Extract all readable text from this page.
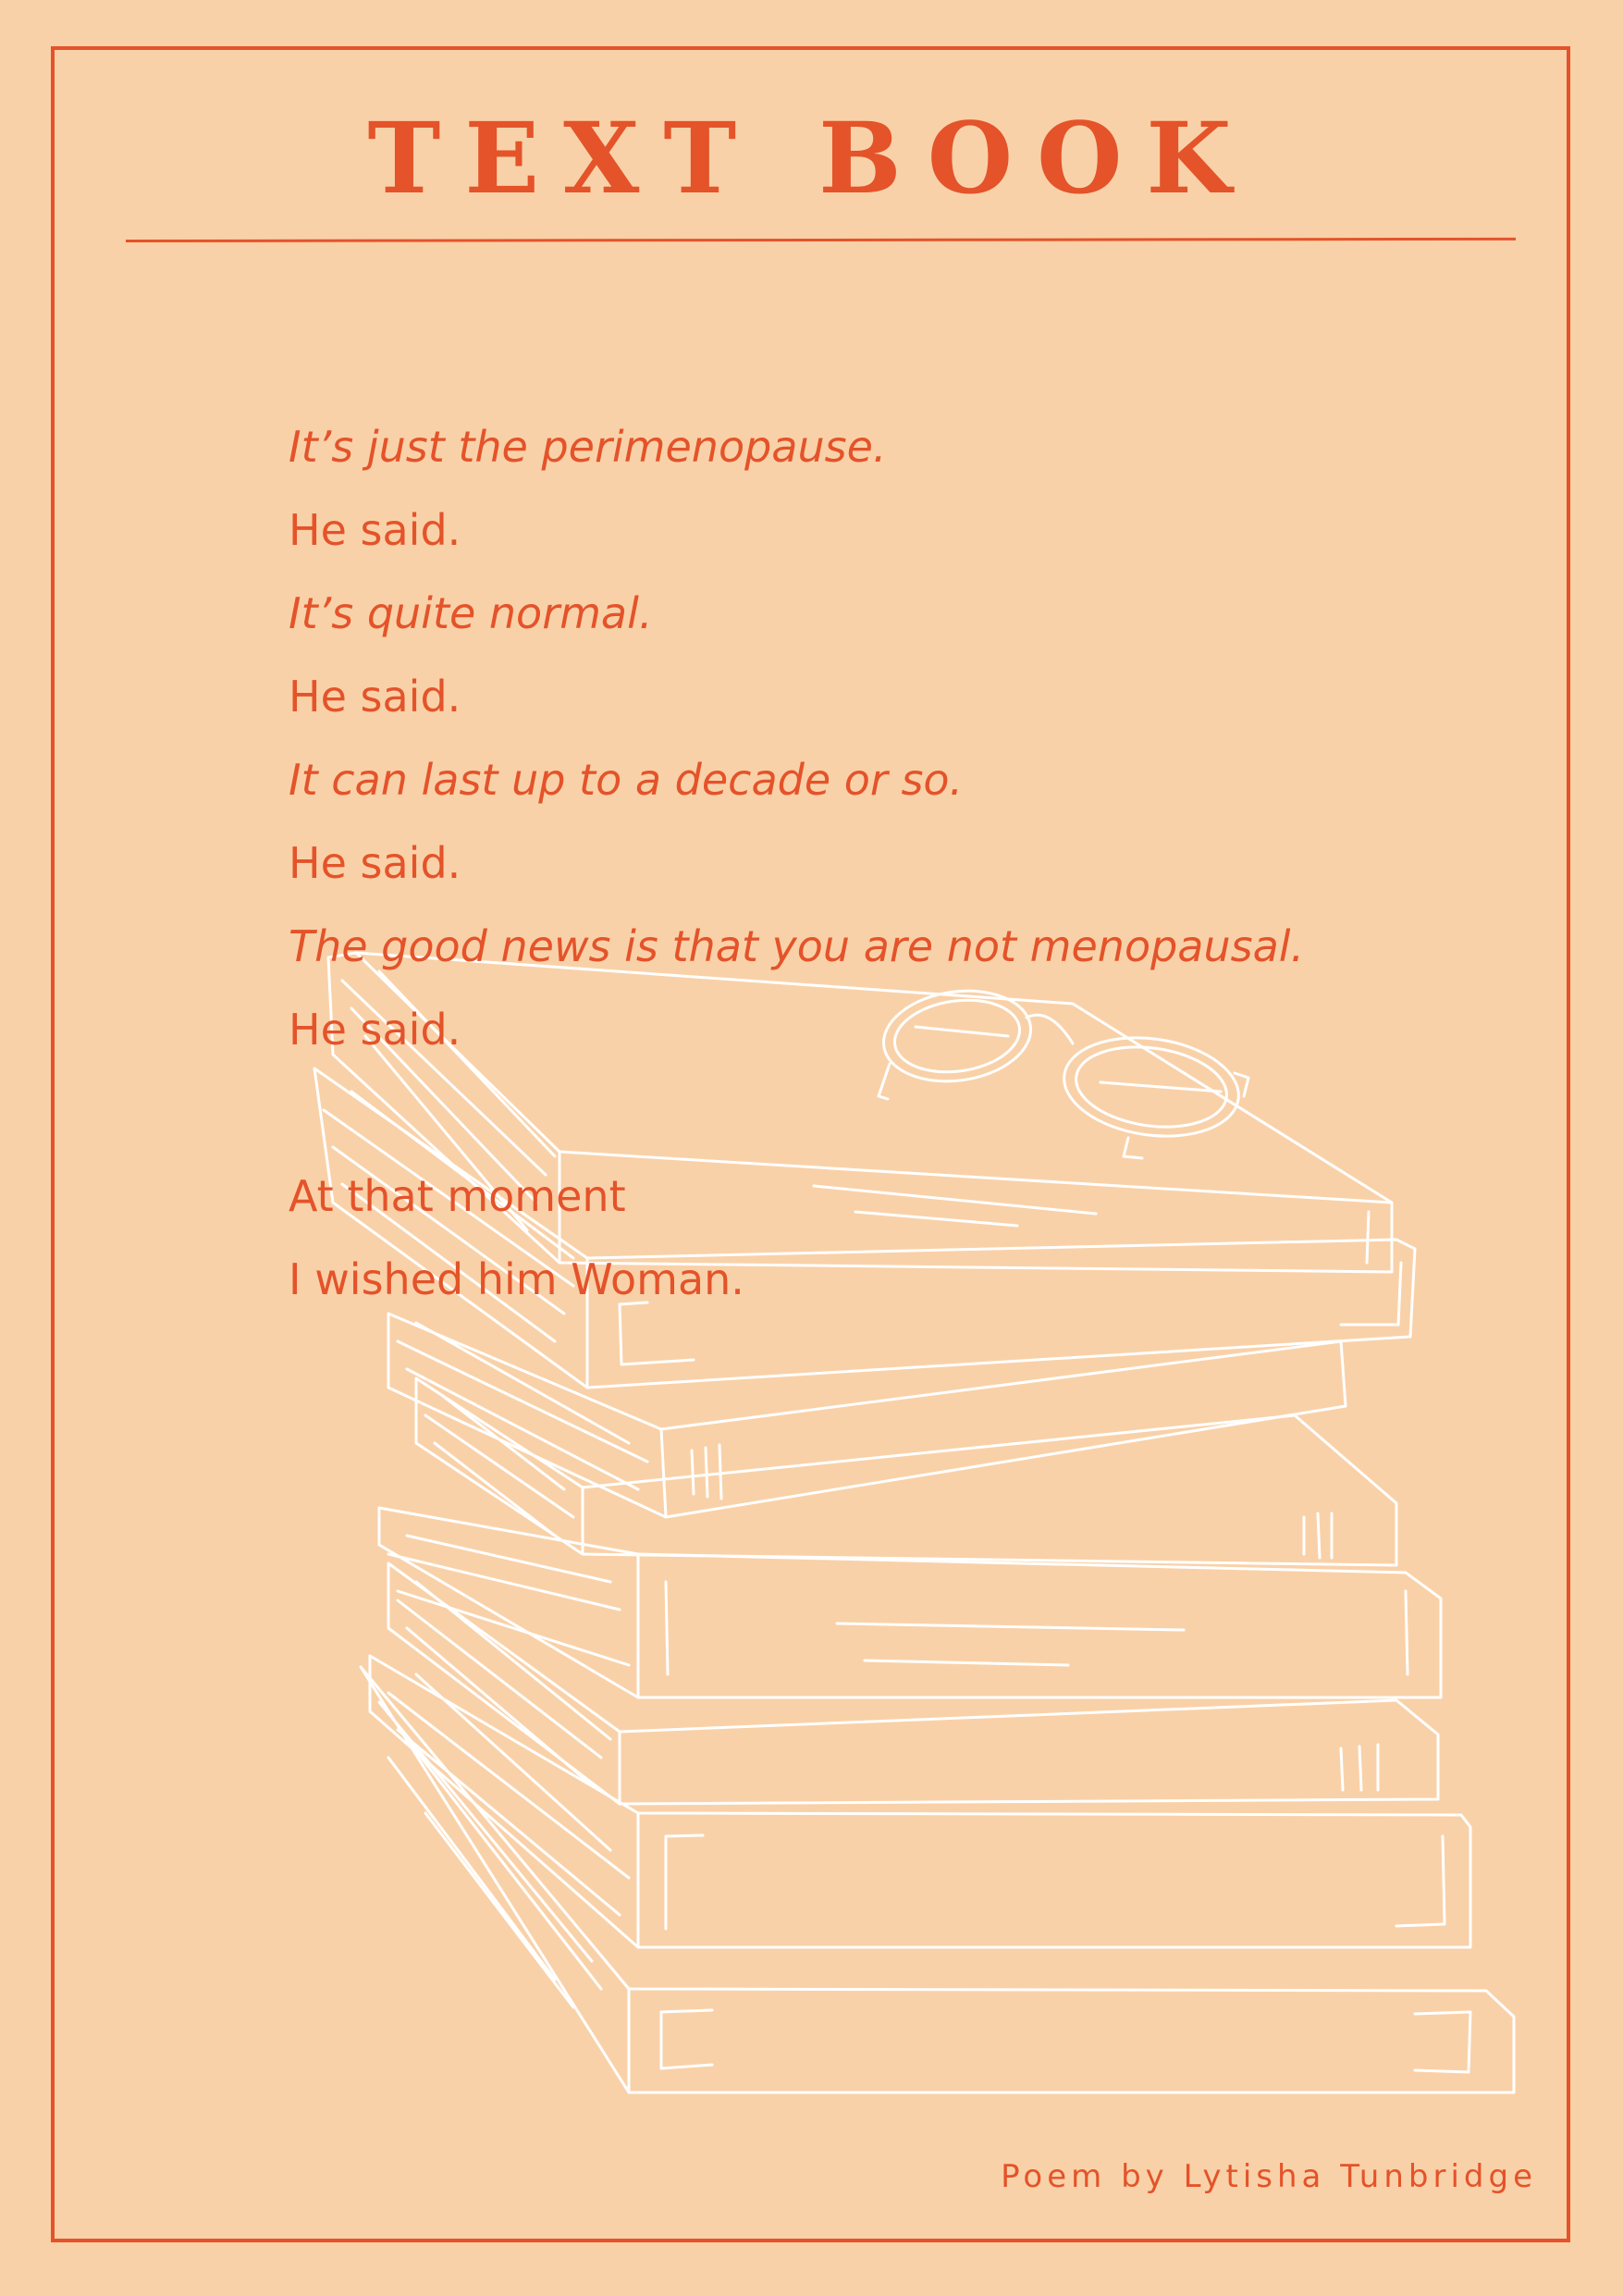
TEXT BOOK
It’s just the perimenopause.
He said.
It’s quite normal.
He said.
It can last up to a decade or so.
He said.
The good news is that you are not menopausal.
He said.
At that moment
I wished him Woman.
Poem by Lytisha Tunbridge
